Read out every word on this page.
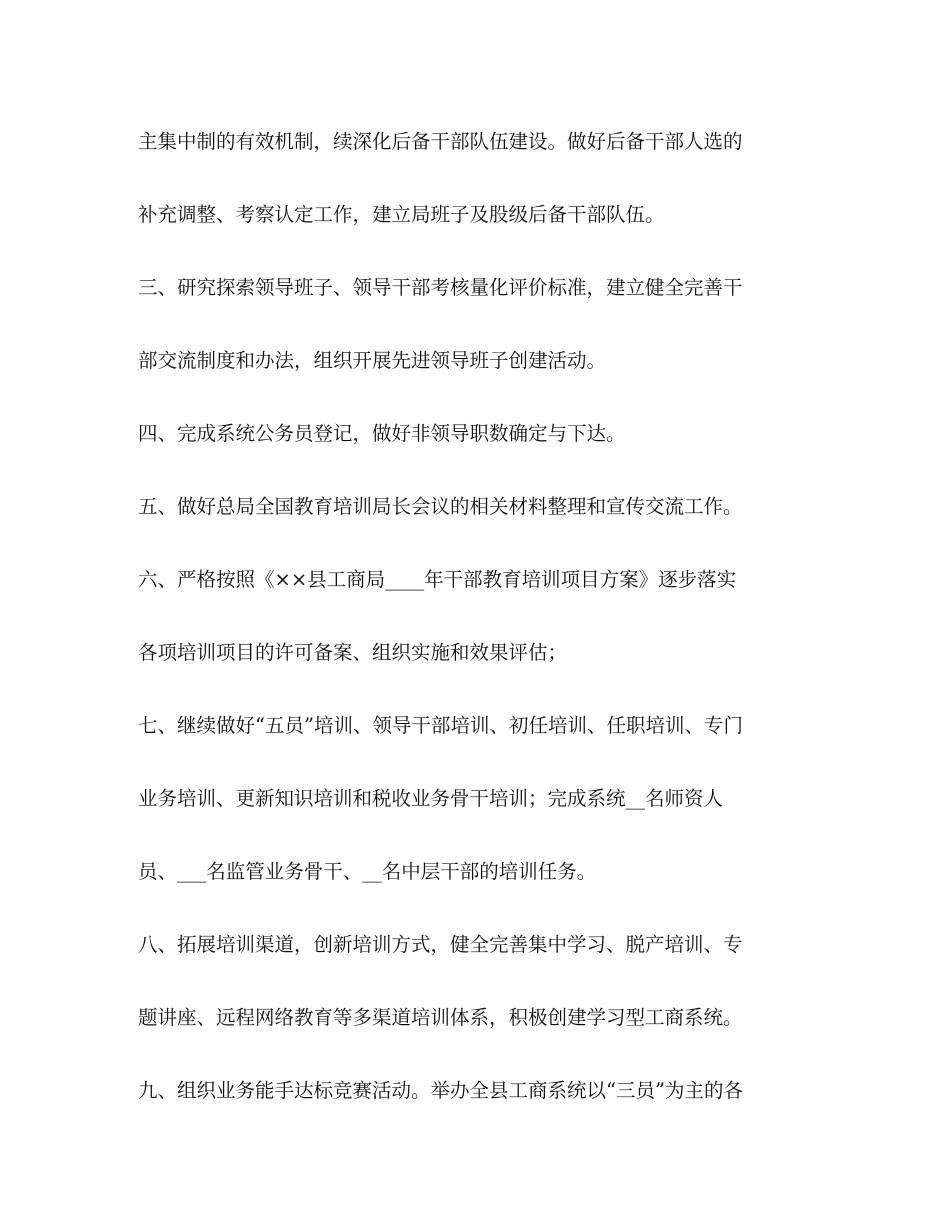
主集中制的有效机制，续深化后备干部队伍建设。做好后备干部人选的

补充调整、考察认定工作，建立局班子及股级后备干部队伍。

三、研究探索领导班子、领导干部考核量化评价标准，建立健全完善干

部交流制度和办法，组织开展先进领导班子创建活动。

四、完成系统公务员登记，做好非领导职数确定与下达。

五、做好总局全国教育培训局长会议的相关材料整理和宣传交流工作。

六、严格按照《××县工商局____年干部教育培训项目方案》逐步落实

各项培训项目的许可备案、组织实施和效果评估；

七、继续做好“五员”培训、领导干部培训、初任培训、任职培训、专门

业务培训、更新知识培训和税收业务骨干培训；完成系统__名师资人

员、___名监管业务骨干、__名中层干部的培训任务。

八、拓展培训渠道，创新培训方式，健全完善集中学习、脱产培训、专

题讲座、远程网络教育等多渠道培训体系，积极创建学习型工商系统。

九、组织业务能手达标竞赛活动。举办全县工商系统以“三员”为主的各
